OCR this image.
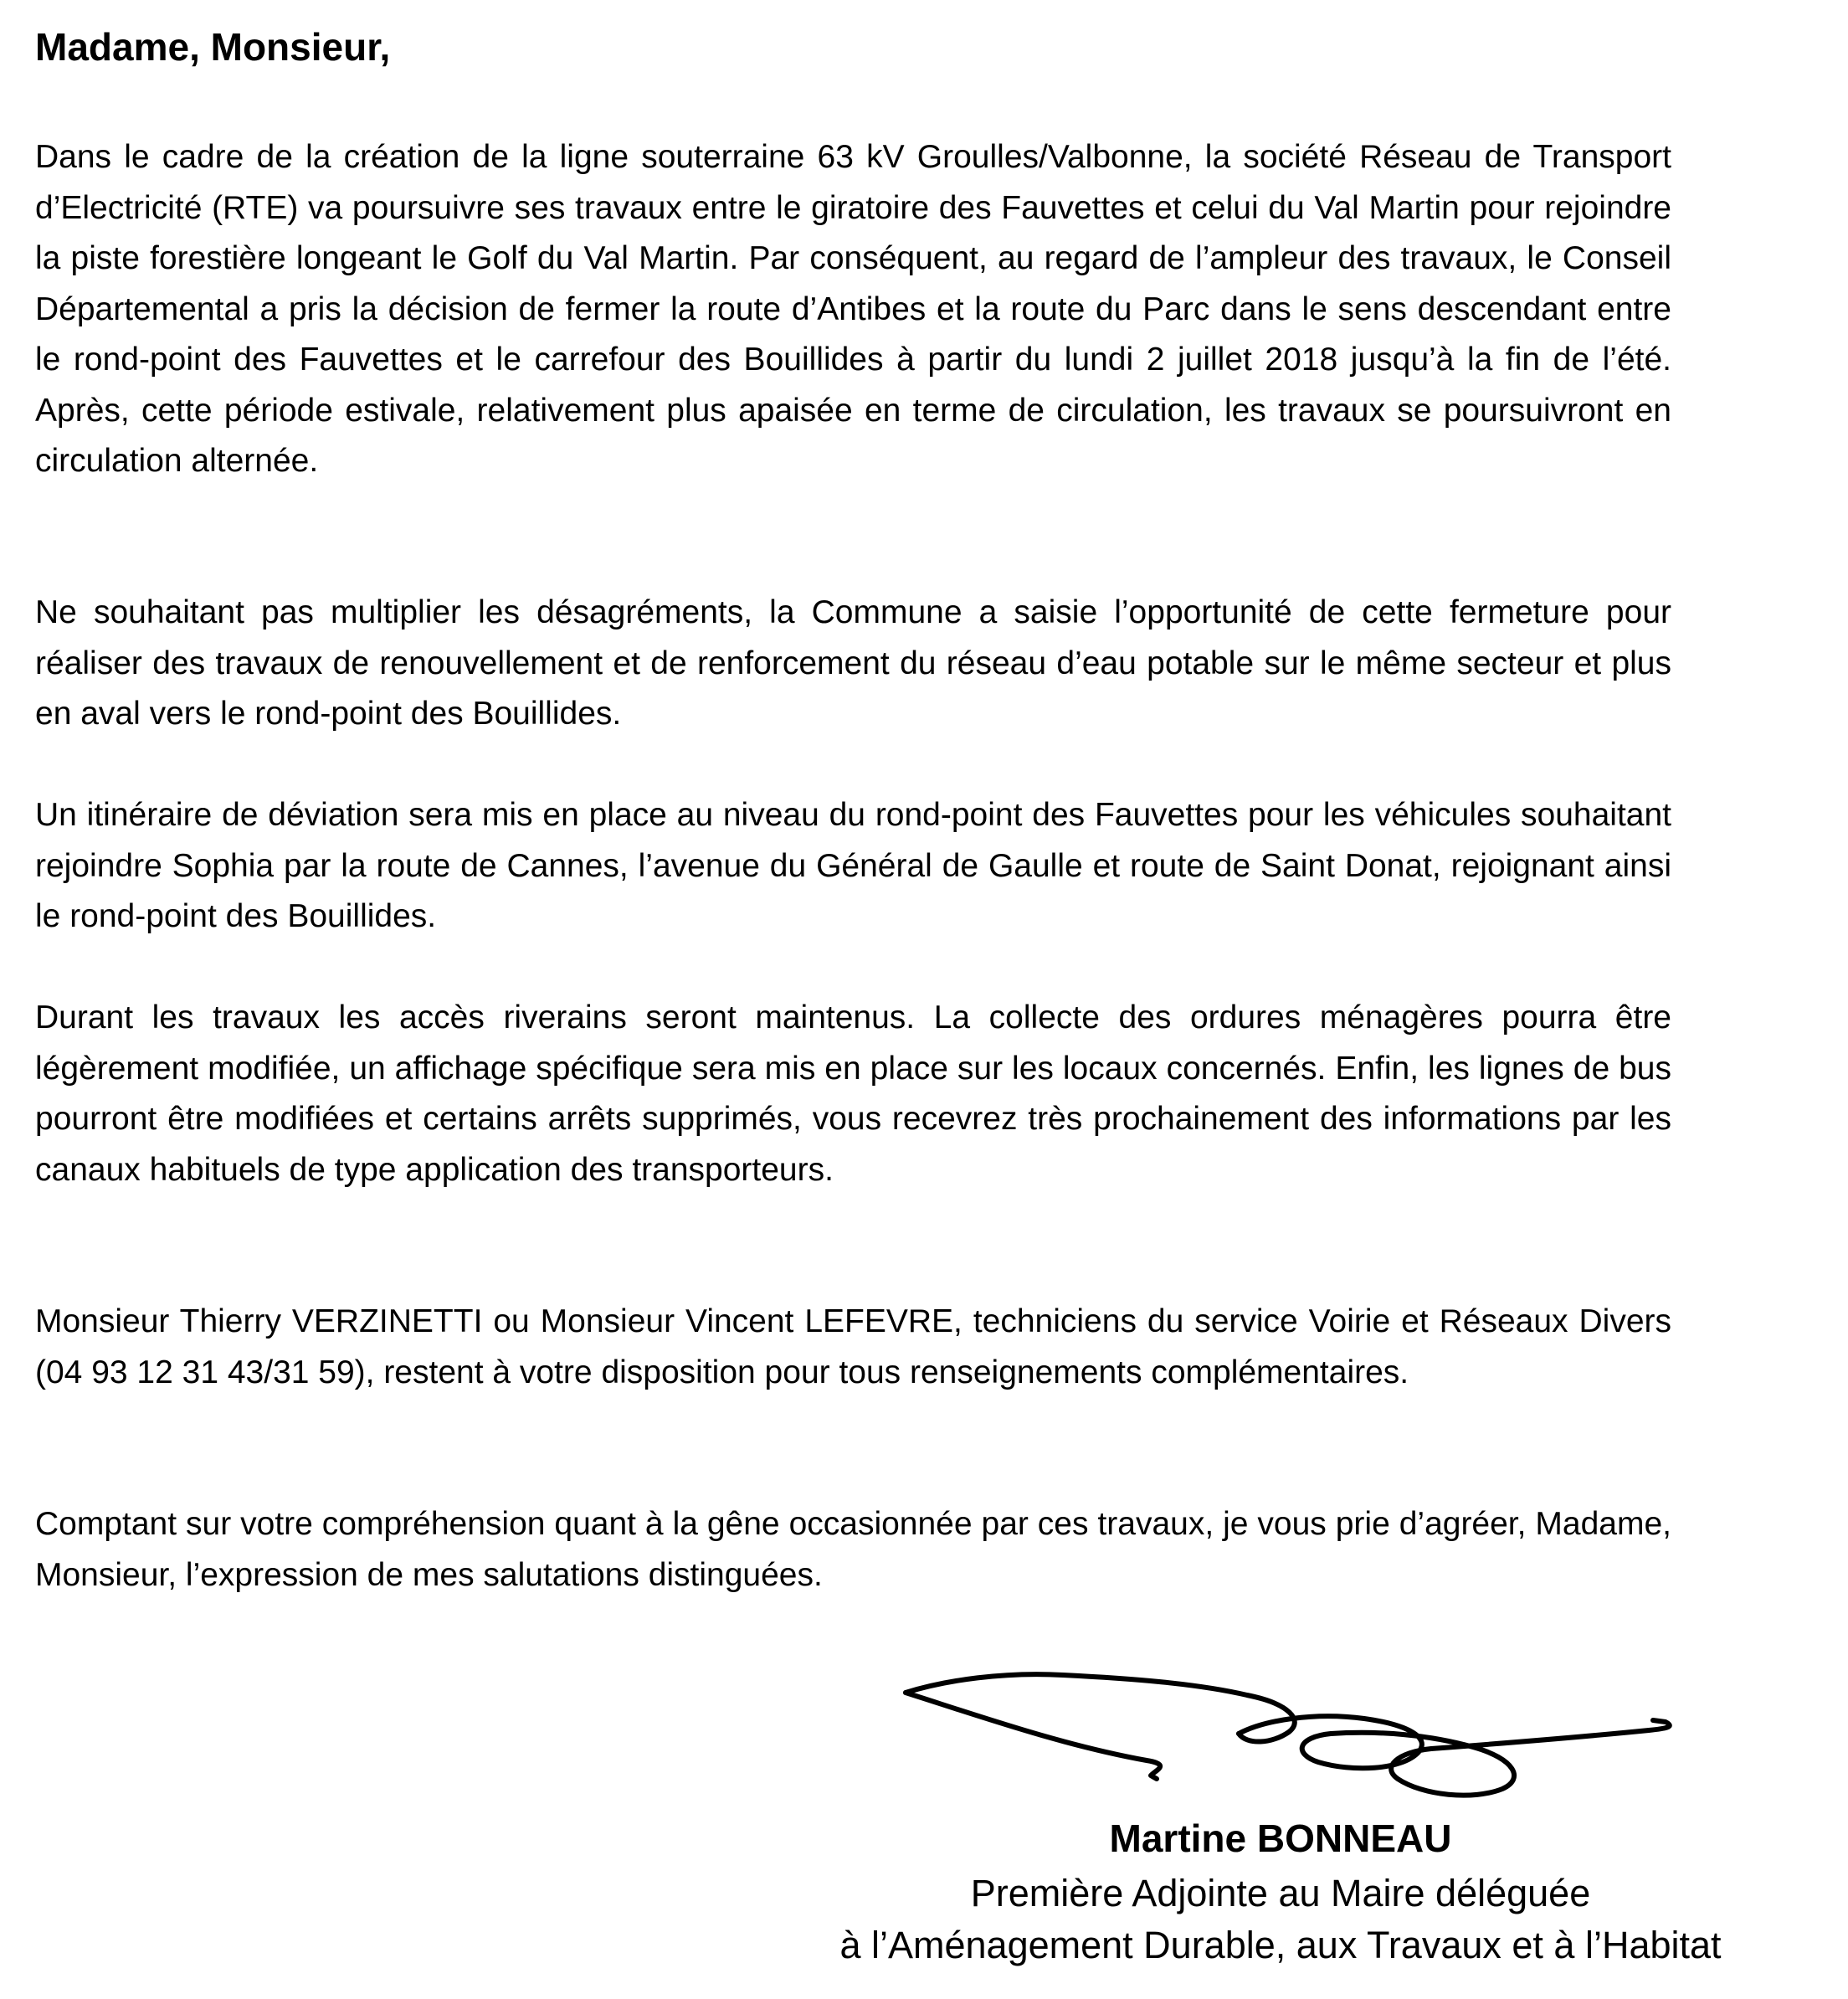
Madame, Monsieur,

Dans le cadre de la création de la ligne souterraine 63 kV Groulles/Valbonne, la société Réseau de Transport d’Electricité (RTE) va poursuivre ses travaux entre le giratoire des Fauvettes et celui du Val Martin pour rejoindre la piste forestière longeant le Golf du Val Martin. Par conséquent, au regard de l’ampleur des travaux, le Conseil Départemental a pris la décision de fermer la route d’Antibes et la route du Parc dans le sens descendant entre le rond-point des Fauvettes et le carrefour des Bouillides à partir du lundi 2 juillet 2018 jusqu’à la fin de l’été. Après, cette période estivale, relativement plus apaisée en terme de circulation, les travaux se poursuivront en circulation alternée.

Ne souhaitant pas multiplier les désagréments, la Commune a saisie l’opportunité de cette fermeture pour réaliser des travaux de renouvellement et de renforcement du réseau d’eau potable sur le même secteur et plus en aval vers le rond-point des Bouillides.

Un itinéraire de déviation sera mis en place au niveau du rond-point des Fauvettes pour les véhicules souhaitant rejoindre Sophia par la route de Cannes, l’avenue du Général de Gaulle et route de Saint Donat, rejoignant ainsi le rond-point des Bouillides.

Durant les travaux les accès riverains seront maintenus. La collecte des ordures ménagères pourra être légèrement modifiée, un affichage spécifique sera mis en place sur les locaux concernés. Enfin, les lignes de bus pourront être modifiées et certains arrêts supprimés, vous recevrez très prochainement des informations par les canaux habituels de type application des transporteurs.

Monsieur Thierry VERZINETTI ou Monsieur Vincent LEFEVRE, techniciens du service Voirie et Réseaux Divers (04 93 12 31 43/31 59), restent à votre disposition pour tous renseignements complémentaires.

Comptant sur votre compréhension quant à la gêne occasionnée par ces travaux, je vous prie d’agréer, Madame, Monsieur, l’expression de mes salutations distinguées.

Martine BONNEAU

Première Adjointe au Maire déléguée

à l’Aménagement Durable, aux Travaux et à l’Habitat
